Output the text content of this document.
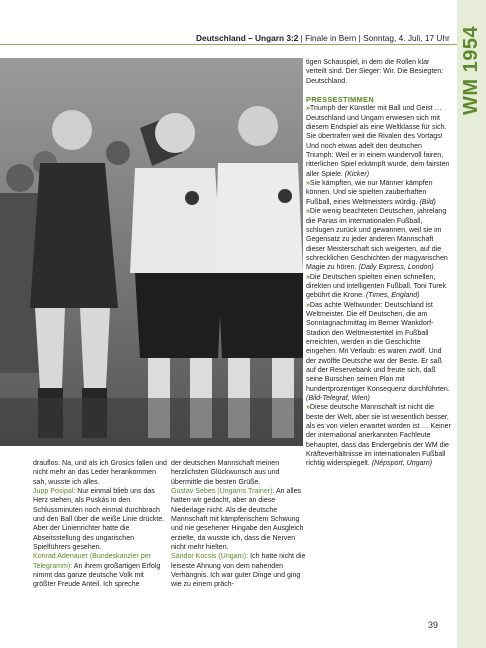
WM 1954
Deutschland – Ungarn 3:2 | Finale in Bern | Sonntag, 4. Juli, 17 Uhr

tigen Schauspiel, in dem die Rollen klar verteilt sind. Der Sieger: Wir. Die Besiegten: Deutschland.

PRESSESTIMMEN

»Triumph der Künstler mit Ball und Geist … Deutschland und Ungarn erwiesen sich mit diesem Endspiel als eine Weltklasse für sich. Sie übertrafen weit die Rivalen des Vortags! Und noch etwas adelt den deutschen Triumph: Weil er in einem wundervoll fairen, ritterlichen Spiel erkämpft wurde, dem fairsten aller Spiele. (Kicker)

»Sie kämpften, wie nur Männer kämpfen können. Und sie spielten zauberhaften Fußball, eines Weltmeisters würdig. (Bild)

»Die wenig beachteten Deutschen, jahrelang die Parias im internationalen Fußball, schlugen zurück und gewannen, weil sie im Gegensatz zu jeder anderen Mannschaft dieser Meisterschaft sich weigerten, auf die schrecklichen Geschichten der magyarischen Magie zu hören. (Daily Express, London)

»Die Deutschen spielten einen schnellen, direkten und intelligenten Fußball. Toni Turek gebührt die Krone. (Times, England)

»Das achte Weltwunder: Deutschland ist Weltmeister. Die elf Deutschen, die am Sonntagnachmittag im Berner Wankdorf-Stadion den Weltmeistertitel im Fußball erreichten, werden in die Geschichte eingehen. Mit Verlaub: es waren zwölf. Und der zwölfte Deutsche war der Beste. Er saß auf der Reservebank und freute sich, daß seine Burschen seinen Plan mit hundertprozentiger Konsequenz durchführten. (Bild-Telegraf, Wien)

»Diese deutsche Mannschaft ist nicht die beste der Welt, aber sie ist wesentlich besser, als es von vielen erwartet worden ist … Keiner der international anerkannten Fachleute behauptet, dass das Endergebnis der WM die Kräfteverhältnisse im internationalen Fußball richtig widerspiegelt. (Népsport, Ungarn)

drauflos. Na, und als ich Grosics fallen und nicht mehr an das Leder herankommen sah, wusste ich alles.

Jupp Posipal: Nur einmal blieb uns das Herz stehen, als Puskás in den Schlussminuten noch einmal durchbrach und den Ball über die weiße Linie drückte. Aber der Linienrichter hatte die Abseitsstellung des ungarischen Spielführers gesehen.

Konrad Adenauer (Bundeskanzler per Telegramm): An ihrem großartigen Erfolg nimmt das ganze deutsche Volk mit größter Freude Anteil. Ich spreche

der deutschen Mannschaft meinen herzlichsten Glückwunsch aus und übermittle die besten Grüße.

Gustav Sebes (Ungarns Trainer): An alles hatten wir gedacht, aber an diese Niederlage nicht. Als die deutsche Mannschaft mit kämpferischem Schwung und nie gesehener Hingabe den Ausgleich erzielte, da wusste ich, dass die Nerven nicht mehr hielten.

Sándor Kocsis (Ungarn): Ich hatte nicht die leiseste Ahnung von dem nahenden Verhängnis. Ich war guter Dinge und ging wie zu einem präch-

39
